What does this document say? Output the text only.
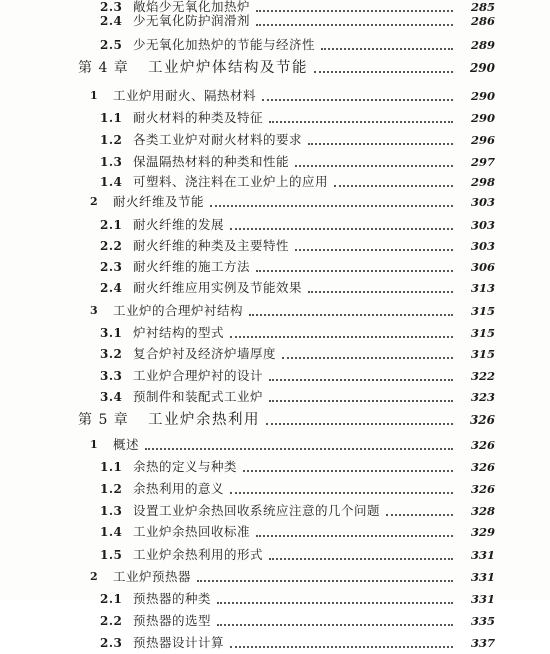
2.3 敞焰少无氧化加热炉	285
2.4 少无氧化防护润滑剂	286
2.5 少无氧化加热炉的节能与经济性	289
第 4 章 工业炉炉体结构及节能	290
1 工业炉用耐火、隔热材料	290
1.1 耐火材料的种类及特征	290
1.2 各类工业炉对耐火材料的要求	296
1.3 保温隔热材料的种类和性能	297
1.4 可塑料、浇注料在工业炉上的应用	298
2 耐火纤维及节能	303
2.1 耐火纤维的发展	303
2.2 耐火纤维的种类及主要特性	303
2.3 耐火纤维的施工方法	306
2.4 耐火纤维应用实例及节能效果	313
3 工业炉的合理炉衬结构	315
3.1 炉衬结构的型式	315
3.2 复合炉衬及经济炉墙厚度	315
3.3 工业炉合理炉衬的设计	322
3.4 预制件和装配式工业炉	323
第 5 章 工业炉余热利用	326
1 概述	326
1.1 余热的定义与种类	326
1.2 余热利用的意义	326
1.3 设置工业炉余热回收系统应注意的几个问题	328
1.4 工业炉余热回收标准	329
1.5 工业炉余热利用的形式	331
2 工业炉预热器	331
2.1 预热器的种类	331
2.2 预热器的选型	335
2.3 预热器设计计算	337
